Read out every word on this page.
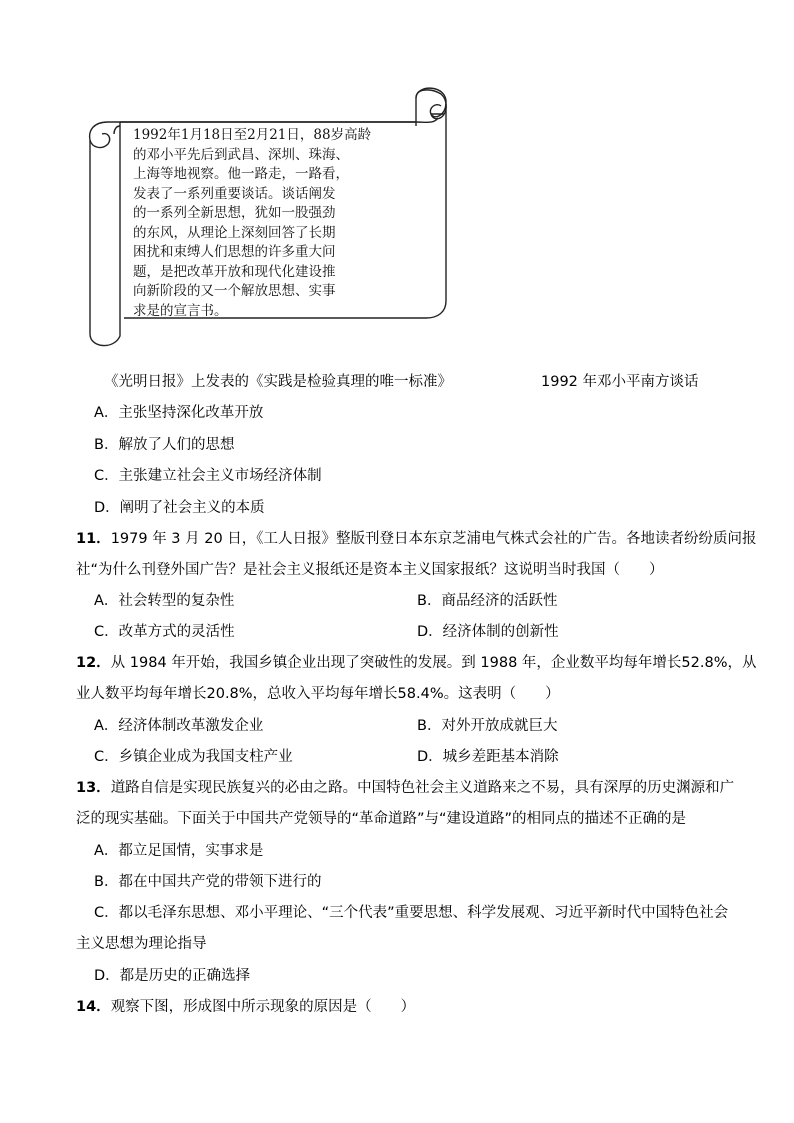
1992年1月18日至2月21日，88岁高龄
的邓小平先后到武昌、深圳、珠海、
上海等地视察。他一路走，一路看，
发表了一系列重要谈话。谈话阐发
的一系列全新思想，犹如一股强劲
的东风，从理论上深刻回答了长期
困扰和束缚人们思想的许多重大问
题，是把改革开放和现代化建设推
向新阶段的又一个解放思想、实事
求是的宣言书。
《光明日报》上发表的《实践是检验真理的唯一标准》	1992 年邓小平南方谈话
A．主张坚持深化改革开放
B．解放了人们的思想
C．主张建立社会主义市场经济体制
D．阐明了社会主义的本质
11．1979 年 3 月 20 日，《工人日报》整版刊登日本东京芝浦电气株式会社的广告。各地读者纷纷质问报
社“为什么刊登外国广告？是社会主义报纸还是资本主义国家报纸？这说明当时我国（　　）
A．社会转型的复杂性	B．商品经济的活跃性
C．改革方式的灵活性	D．经济体制的创新性
12．从 1984 年开始，我国乡镇企业出现了突破性的发展。到 1988 年，企业数平均每年增长52.8%，从
业人数平均每年增长20.8%，总收入平均每年增长58.4%。这表明（　　）
A．经济体制改革激发企业	B．对外开放成就巨大
C．乡镇企业成为我国支柱产业	D．城乡差距基本消除
13．道路自信是实现民族复兴的必由之路。中国特色社会主义道路来之不易，具有深厚的历史渊源和广
泛的现实基础。下面关于中国共产党领导的“革命道路”与“建设道路”的相同点的描述不正确的是
A．都立足国情，实事求是
B．都在中国共产党的带领下进行的
C．都以毛泽东思想、邓小平理论、“三个代表”重要思想、科学发展观、习近平新时代中国特色社会
主义思想为理论指导
D．都是历史的正确选择
14．观察下图，形成图中所示现象的原因是（　　）
